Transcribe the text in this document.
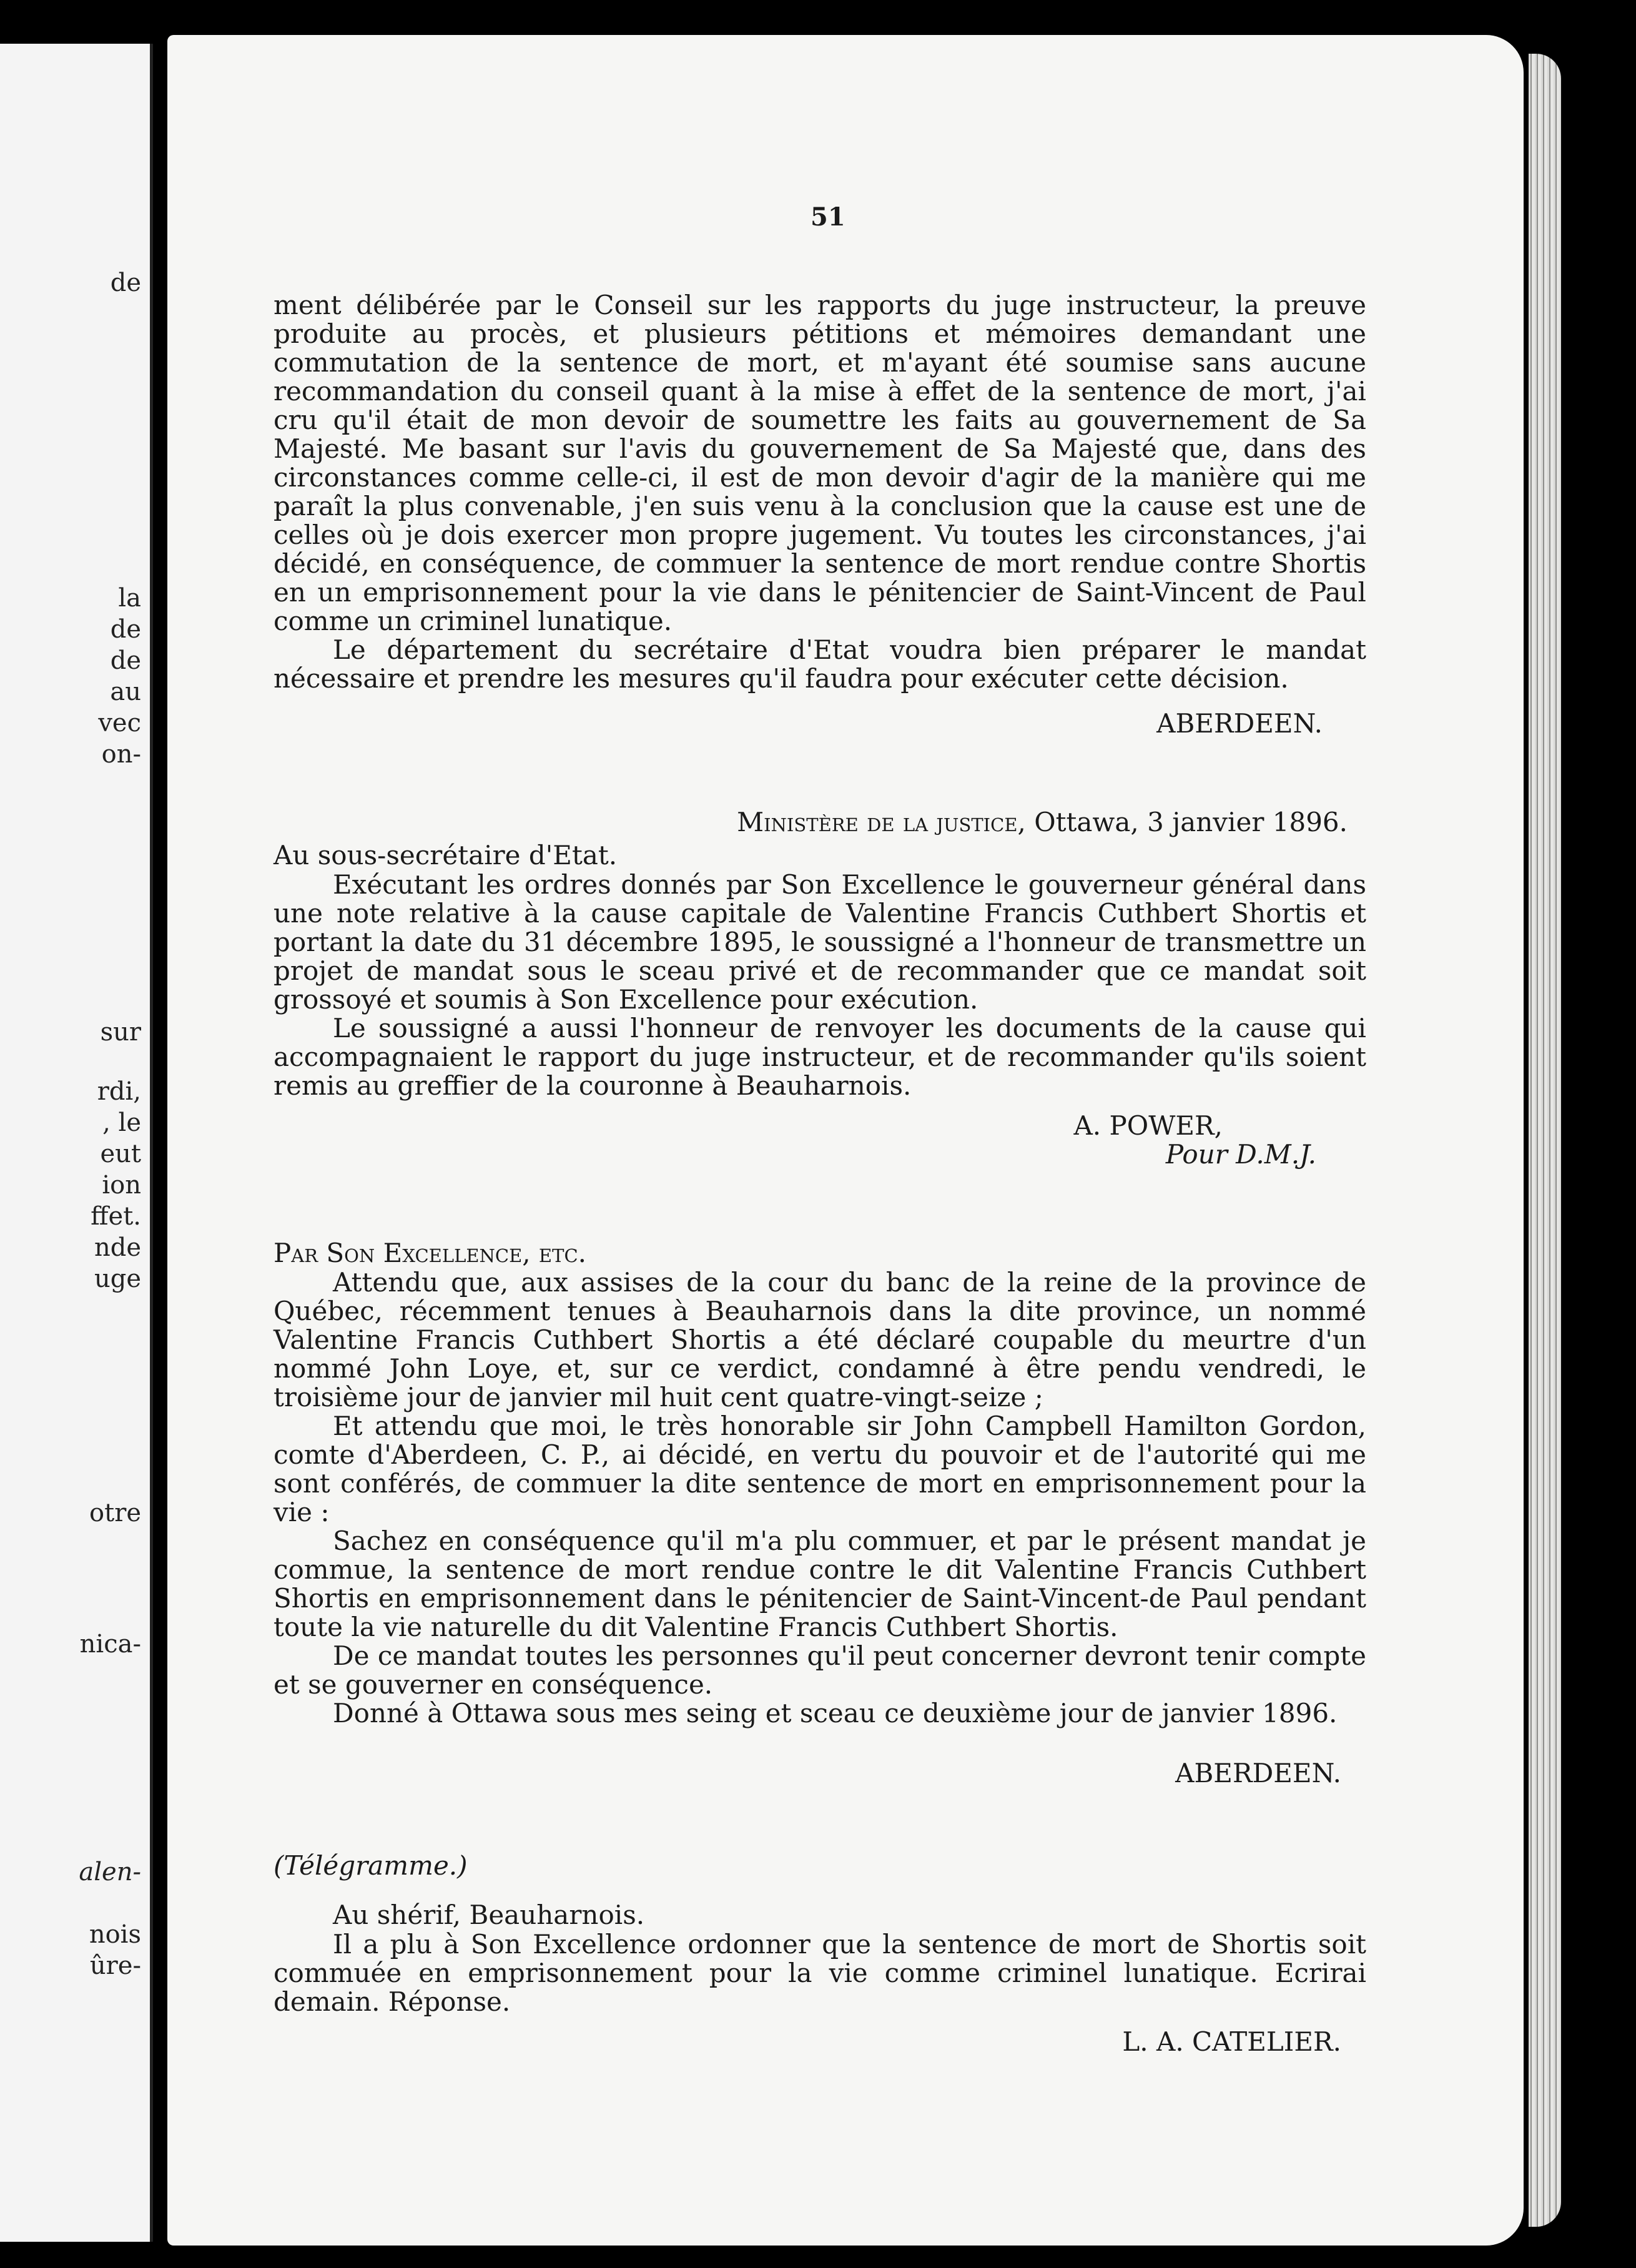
de
la
de
de
au
vec
on-
sur
rdi,
, le
eut
ion
ffet.
nde
uge
otre
nica-
alen-
nois
ûre-
51

ment délibérée par le Conseil sur les rapports du juge instructeur, la preuve produite au procès, et plusieurs pétitions et mémoires demandant une commutation de la sentence de mort, et m'ayant été soumise sans aucune recommandation du conseil quant à la mise à effet de la sentence de mort, j'ai cru qu'il était de mon devoir de soumettre les faits au gouvernement de Sa Majesté. Me basant sur l'avis du gouvernement de Sa Majesté que, dans des circonstances comme celle-ci, il est de mon devoir d'agir de la manière qui me paraît la plus convenable, j'en suis venu à la conclusion que la cause est une de celles où je dois exercer mon propre jugement. Vu toutes les circonstances, j'ai décidé, en conséquence, de commuer la sentence de mort rendue contre Shortis en un emprisonnement pour la vie dans le pénitencier de Saint-Vincent de Paul comme un criminel lunatique.

Le département du secrétaire d'Etat voudra bien préparer le mandat nécessaire et prendre les mesures qu'il faudra pour exécuter cette décision.

ABERDEEN.
Ministère de la justice, Ottawa, 3 janvier 1896.
Au sous-secrétaire d'Etat.

Exécutant les ordres donnés par Son Excellence le gouverneur général dans une note relative à la cause capitale de Valentine Francis Cuthbert Shortis et portant la date du 31 décembre 1895, le soussigné a l'honneur de transmettre un projet de mandat sous le sceau privé et de recommander que ce mandat soit grossoyé et soumis à Son Excellence pour exécution.

Le soussigné a aussi l'honneur de renvoyer les documents de la cause qui accompagnaient le rapport du juge instructeur, et de recommander qu'ils soient remis au greffier de la couronne à Beauharnois.

A. POWER,
Pour D.M.J.
Par Son Excellence, etc.

Attendu que, aux assises de la cour du banc de la reine de la province de Québec, récemment tenues à Beauharnois dans la dite province, un nommé Valentine Francis Cuthbert Shortis a été déclaré coupable du meurtre d'un nommé John Loye, et, sur ce verdict, condamné à être pendu vendredi, le troisième jour de janvier mil huit cent quatre-vingt-seize ;

Et attendu que moi, le très honorable sir John Campbell Hamilton Gordon, comte d'Aberdeen, C. P., ai décidé, en vertu du pouvoir et de l'autorité qui me sont conférés, de commuer la dite sentence de mort en emprisonnement pour la vie :

Sachez en conséquence qu'il m'a plu commuer, et par le présent mandat je commue, la sentence de mort rendue contre le dit Valentine Francis Cuthbert Shortis en emprisonnement dans le pénitencier de Saint-Vincent-de Paul pendant toute la vie naturelle du dit Valentine Francis Cuthbert Shortis.

De ce mandat toutes les personnes qu'il peut concerner devront tenir compte et se gouverner en conséquence.

Donné à Ottawa sous mes seing et sceau ce deuxième jour de janvier 1896.

ABERDEEN.
(Télégramme.)
Au shérif, Beauharnois.

Il a plu à Son Excellence ordonner que la sentence de mort de Shortis soit commuée en emprisonnement pour la vie comme criminel lunatique. Ecrirai demain. Réponse.

L. A. CATELIER.
